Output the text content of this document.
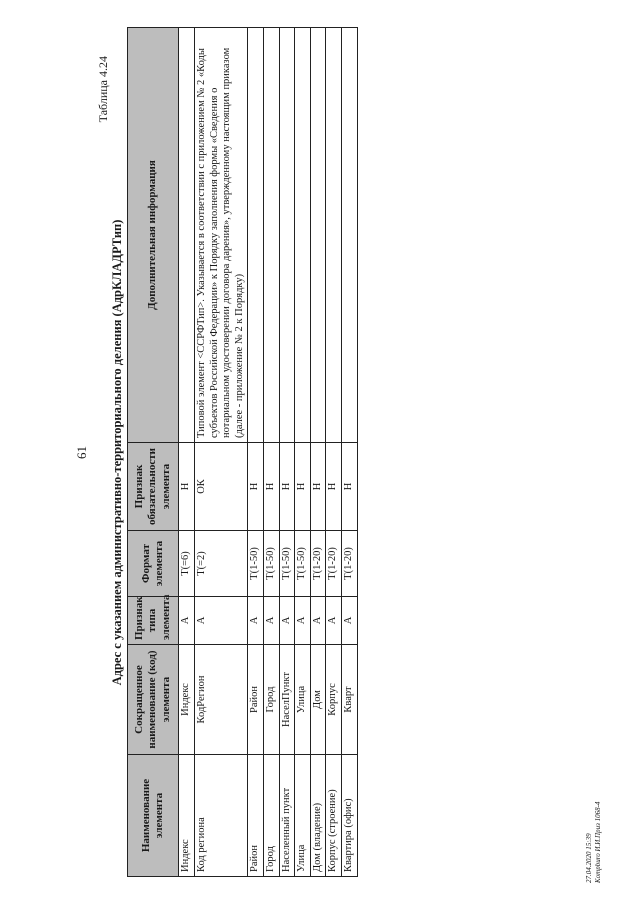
61
Таблица 4.24
Адрес с указанием административно-территориального деления (АдрКЛАДРТип)
Наименование элемента	Сокращенное наименование (код) элемента	Признак типа элемента	Формат элемента	Признак обязательности элемента	Дополнительная информация
Индекс	Индекс	А	T(=6)	Н	
Код региона	КодРегион	А	T(=2)	ОК	Типовой элемент <ССРФТип>. Указывается в соответствии с приложением № 2 «Коды субъектов Российской Федерации» к Порядку заполнения формы «Сведения о нотариальном удостоверении договора дарения», утвержденному настоящим приказом (далее - приложение № 2 к Порядку)
Район	Район	А	T(1-50)	Н	
Город	Город	А	T(1-50)	Н	
Населенный пункт	НаселПункт	А	T(1-50)	Н	
Улица	Улица	А	T(1-50)	Н	
Дом (владение)	Дом	А	T(1-20)	Н	
Корпус (строение)	Корпус	А	T(1-20)	Н	
Квартира (офис)	Кварт	А	T(1-20)	Н	
27.04.2020 15:39 Kompburo И.И.Приз 1068-4
